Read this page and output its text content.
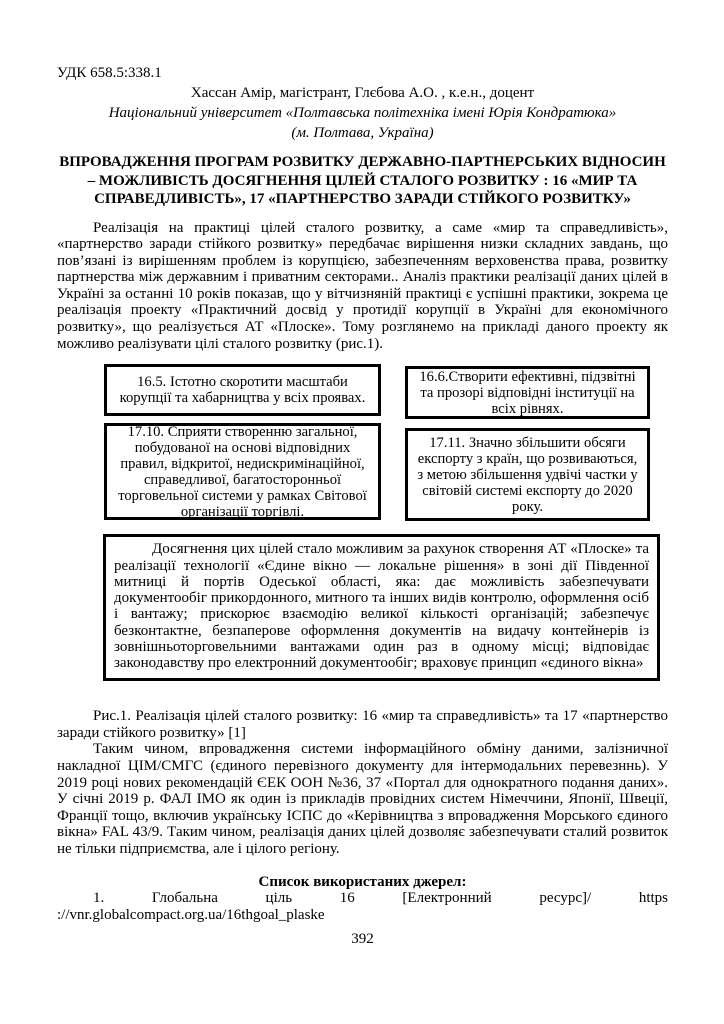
УДК 658.5:338.1
Хассан Амір, магістрант, Глєбова А.О. , к.е.н., доцент
Національний університет «Полтавська політехніка імені Юрія Кондратюка»
(м. Полтава, Україна)
ВПРОВАДЖЕННЯ ПРОГРАМ РОЗВИТКУ ДЕРЖАВНО-ПАРТНЕРСЬКИХ ВІДНОСИН – МОЖЛИВІСТЬ ДОСЯГНЕННЯ ЦІЛЕЙ СТАЛОГО РОЗВИТКУ : 16 «МИР ТА СПРАВЕДЛИВІСТЬ», 17 «ПАРТНЕРСТВО ЗАРАДИ СТІЙКОГО РОЗВИТКУ»
Реалізація на практиці цілей сталого розвитку, а саме «мир та справедливість», «партнерство заради стійкого розвитку» передбачає вирішення низки складних завдань, що пов’язані із вирішенням проблем із корупцією, забезпеченням верховенства права, розвитку партнерства між державним і приватним секторами.. Аналіз практики реалізації даних цілей в Україні за останні 10 років показав, що у вітчизняній практиці є успішні практики, зокрема це реалізація проекту «Практичний досвід у протидії корупції в Україні для економічного розвитку», що реалізується АТ «Плоске». Тому розглянемо на прикладі даного проекту як можливо реалізувати цілі сталого розвитку (рис.1).
16.5. Істотно скоротити масштаби корупції та хабарництва у всіх проявах.
16.6.Створити ефективні, підзвітні та прозорі відповідні інституції на всіх рівнях.
17.10. Сприяти створенню загальної, побудованої на основі відповідних правил, відкритої, недискримінаційної, справедливої, багатосторонньої торговельної системи у рамках Світової організації торгівлі.
17.11. Значно збільшити обсяги експорту з країн, що розвиваються, з метою збільшення удвічі частки у світовій системі експорту до 2020 року.
Досягнення цих цілей стало можливим за рахунок створення АТ «Плоске» та реалізації технології «Єдине вікно — локальне рішення» в зоні дії Південної митниці й портів Одеської області, яка: дає можливість забезпечувати документообіг прикордонного, митного та інших видів контролю, оформлення осіб і вантажу; прискорює взаємодію великої кількості організацій; забезпечує безконтактне, безпаперове оформлення документів на видачу контейнерів із зовнішньоторговельними вантажами один раз в одному місці; відповідає законодавству про електронний документообіг; враховує принцип «єдиного вікна»
Рис.1. Реалізація цілей сталого розвитку: 16 «мир та справедливість» та 17 «партнерство заради стійкого розвитку» [1]
Таким чином, впровадження системи інформаційного обміну даними, залізничної накладної ЦІМ/СМГС (єдиного перевізного документу для інтермодальних перевезннь). У 2019 році нових рекомендацій ЄЕК ООН №36, 37 «Портал для однократного подання даних». У січні 2019 р. ФАЛ ІМО як один із прикладів провідних систем Німеччини, Японії, Швеції, Франції тощо, включив українську ІСПС до «Керівництва з впровадження Морського єдиного вікна» FAL 43/9. Таким чином, реалізація даних цілей дозволяє забезпечувати сталий розвиток не тільки підприємства, але і цілого регіону.
Список використаних джерел:
1. Глобальна ціль 16 [Електронний ресурс]/ https
://vnr.globalcompact.org.ua/16thgoal_plaske
392
